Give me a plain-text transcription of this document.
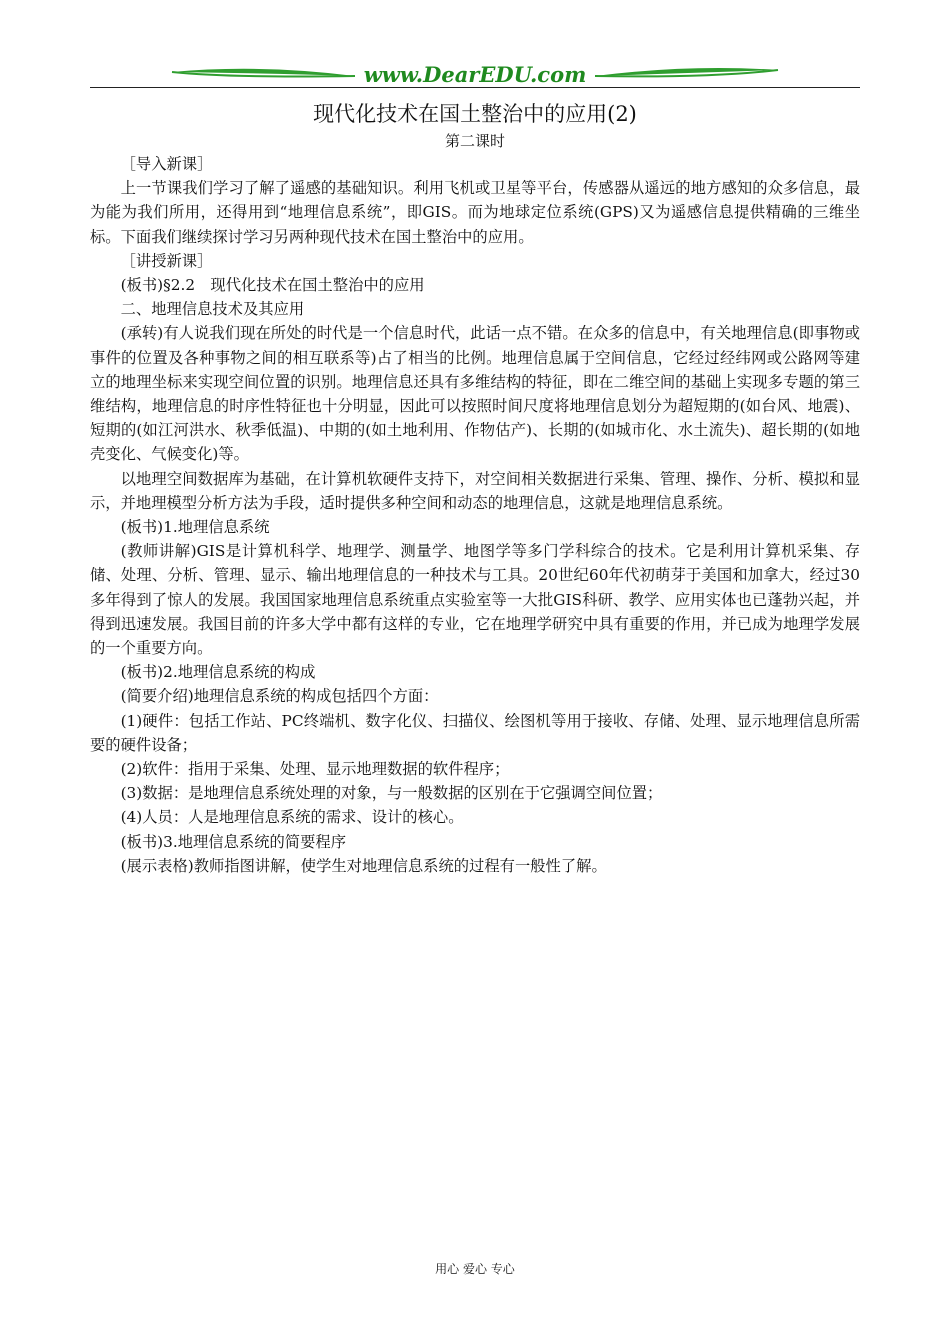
www.DearEDU.com
现代化技术在国土整治中的应用(2)
第二课时

［导入新课］

上一节课我们学习了解了遥感的基础知识。利用飞机或卫星等平台，传感器从遥远的地方感知的众多信息，最为能为我们所用，还得用到“地理信息系统”，即GIS。而为地球定位系统(GPS)又为遥感信息提供精确的三维坐标。下面我们继续探讨学习另两种现代技术在国土整治中的应用。

［讲授新课］

(板书)§2.2　现代化技术在国土整治中的应用

二、地理信息技术及其应用

(承转)有人说我们现在所处的时代是一个信息时代，此话一点不错。在众多的信息中，有关地理信息(即事物或事件的位置及各种事物之间的相互联系等)占了相当的比例。地理信息属于空间信息，它经过经纬网或公路网等建立的地理坐标来实现空间位置的识别。地理信息还具有多维结构的特征，即在二维空间的基础上实现多专题的第三维结构，地理信息的时序性特征也十分明显，因此可以按照时间尺度将地理信息划分为超短期的(如台风、地震)、短期的(如江河洪水、秋季低温)、中期的(如土地利用、作物估产)、长期的(如城市化、水土流失)、超长期的(如地壳变化、气候变化)等。

以地理空间数据库为基础，在计算机软硬件支持下，对空间相关数据进行采集、管理、操作、分析、模拟和显示，并地理模型分析方法为手段，适时提供多种空间和动态的地理信息，这就是地理信息系统。

(板书)1.地理信息系统

(教师讲解)GIS是计算机科学、地理学、测量学、地图学等多门学科综合的技术。它是利用计算机采集、存储、处理、分析、管理、显示、输出地理信息的一种技术与工具。20世纪60年代初萌芽于美国和加拿大，经过30多年得到了惊人的发展。我国国家地理信息系统重点实验室等一大批GIS科研、教学、应用实体也已蓬勃兴起，并得到迅速发展。我国目前的许多大学中都有这样的专业，它在地理学研究中具有重要的作用，并已成为地理学发展的一个重要方向。

(板书)2.地理信息系统的构成

(简要介绍)地理信息系统的构成包括四个方面：

(1)硬件：包括工作站、PC终端机、数字化仪、扫描仪、绘图机等用于接收、存储、处理、显示地理信息所需要的硬件设备；

(2)软件：指用于采集、处理、显示地理数据的软件程序；

(3)数据：是地理信息系统处理的对象，与一般数据的区别在于它强调空间位置；

(4)人员：人是地理信息系统的需求、设计的核心。

(板书)3.地理信息系统的简要程序

(展示表格)教师指图讲解，使学生对地理信息系统的过程有一般性了解。

用心 爱心 专心
